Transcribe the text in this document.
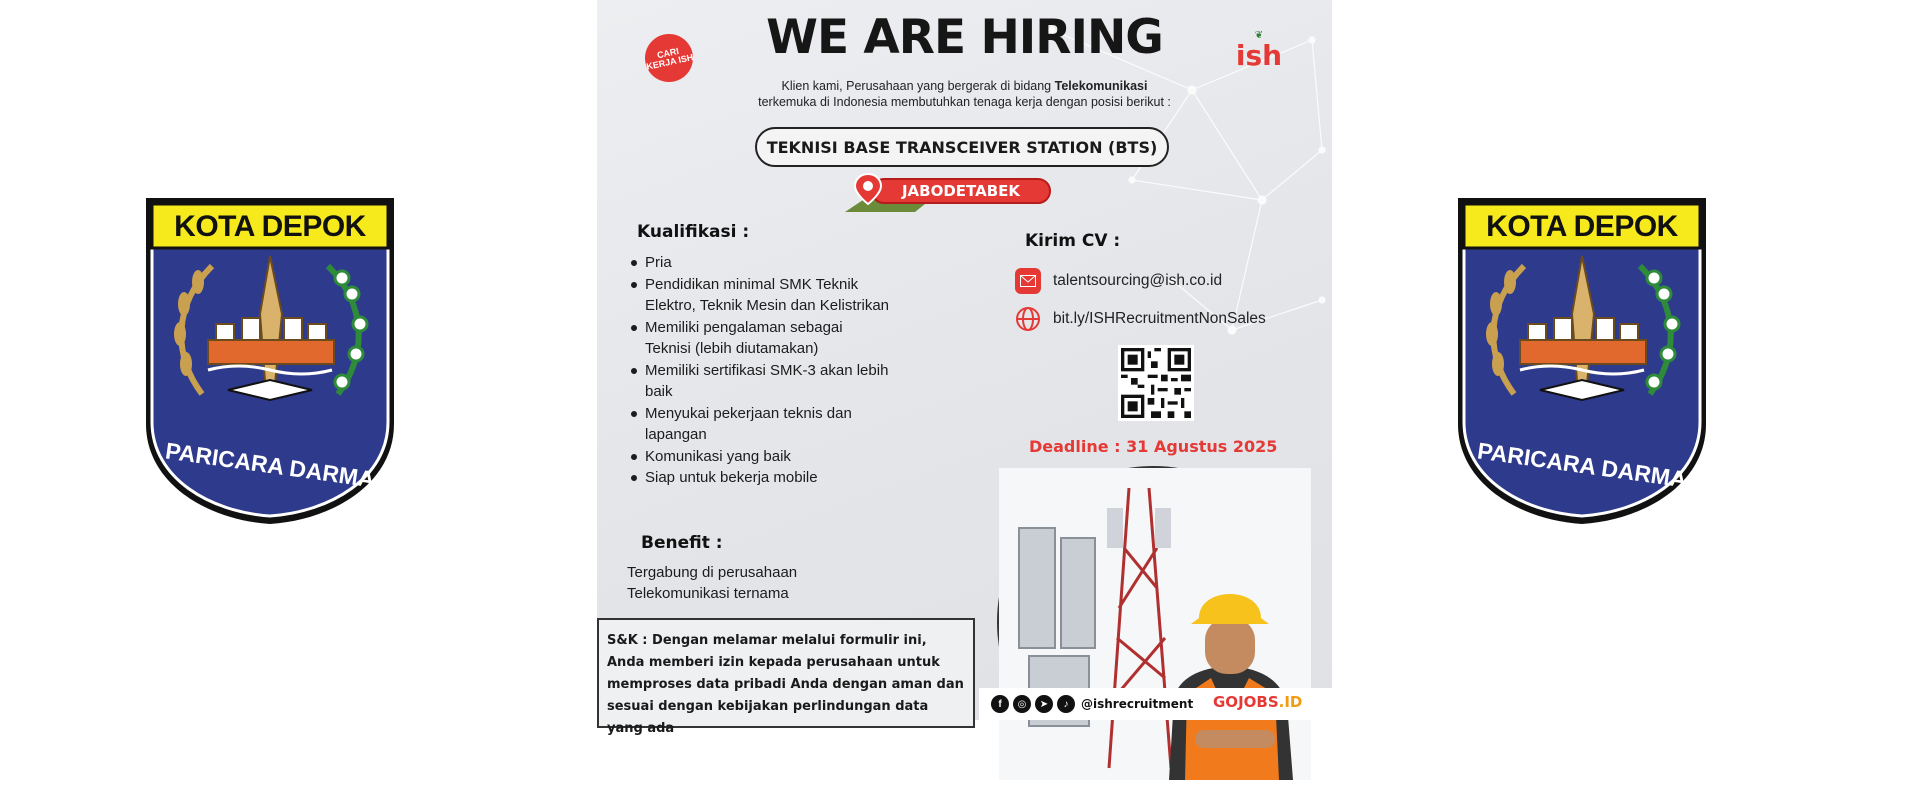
KOTA DEPOK
PARICARA DARMA
KOTA DEPOK
PARICARA DARMA
CARI KERJA ISH
❦
ish
WE ARE HIRING
Klien kami, Perusahaan yang bergerak di bidang Telekomunikasi
terkemuka di Indonesia membutuhkan tenaga kerja dengan posisi berikut :
TEKNISI BASE TRANSCEIVER STATION (BTS)
JABODETABEK
Kualifikasi :
Pria
Pendidikan minimal SMK Teknik Elektro, Teknik Mesin dan Kelistrikan
Memiliki pengalaman sebagai Teknisi (lebih diutamakan)
Memiliki sertifikasi SMK-3 akan lebih baik
Menyukai pekerjaan teknis dan lapangan
Komunikasi yang baik
Siap untuk bekerja mobile
Benefit :
Tergabung di perusahaan Telekomunikasi ternama
S&K : Dengan melamar melalui formulir ini, Anda memberi izin kepada perusahaan untuk memproses data pribadi Anda dengan aman dan sesuai dengan kebijakan perlindungan data yang ada
Kirim CV :
talentsourcing@ish.co.id
bit.ly/ISHRecruitmentNonSales
Deadline : 31 Agustus 2025
f	◎	➤	♪	@ishrecruitment GOJOBS.ID
